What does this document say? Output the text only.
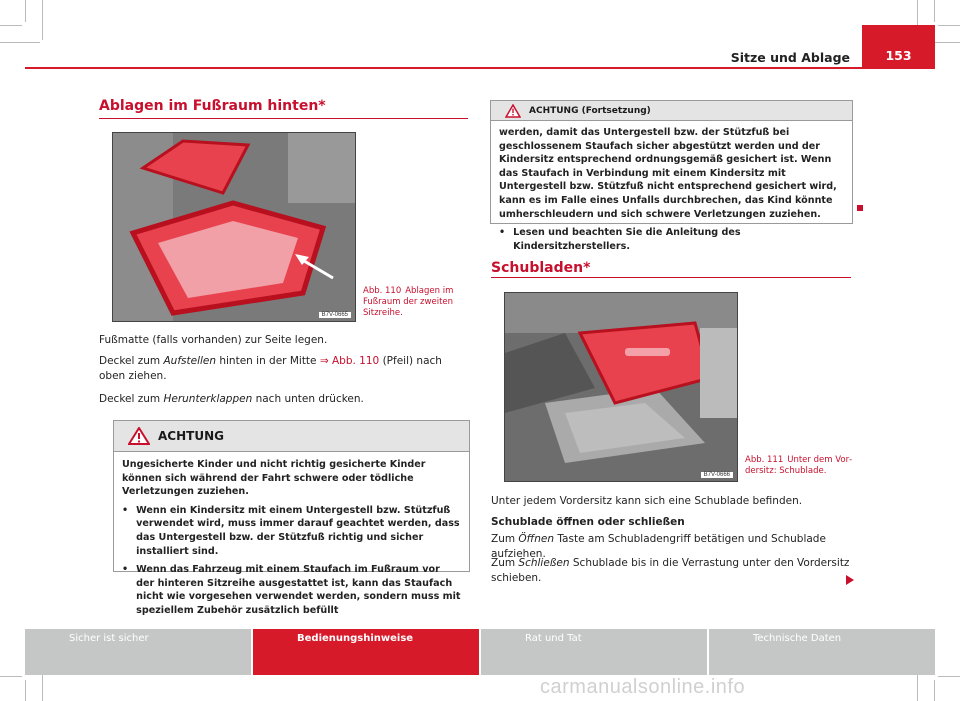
Sitze und Ablage	153
Ablagen im Fußraum hinten*
B7V-0665
Abb. 110 Ablagen im Fußraum der zweiten Sitzreihe.
Fußmatte (falls vorhanden) zur Seite legen.
Deckel zum Aufstellen hinten in der Mitte ⇒ Abb. 110 (Pfeil) nach oben ziehen.
Deckel zum Herunterklappen nach unten drücken.
ACHTUNG

Ungesicherte Kinder und nicht richtig gesicherte Kinder können sich während der Fahrt schwere oder tödliche Verletzungen zuziehen.

• Wenn ein Kindersitz mit einem Untergestell bzw. Stützfuß verwendet wird, muss immer darauf geachtet werden, dass das Untergestell bzw. der Stützfuß richtig und sicher installiert sind.

• Wenn das Fahrzeug mit einem Staufach im Fußraum vor der hinteren Sitzreihe ausgestattet ist, kann das Staufach nicht wie vorgesehen verwendet werden, sondern muss mit speziellem Zubehör zusätzlich befüllt

ACHTUNG (Fortsetzung)

werden, damit das Untergestell bzw. der Stützfuß bei geschlossenem Staufach sicher abgestützt werden und der Kindersitz entsprechend ordnungsgemäß gesichert ist. Wenn das Staufach in Verbindung mit einem Kindersitz mit Untergestell bzw. Stützfuß nicht entsprechend gesichert wird, kann es im Falle eines Unfalls durchbrechen, das Kind könnte umherschleudern und sich schwere Verletzungen zuziehen.

• Lesen und beachten Sie die Anleitung des Kindersitzherstellers.

Schubladen*
B7V-0666
Abb. 111 Unter dem Vordersitz: Schublade.
Unter jedem Vordersitz kann sich eine Schublade befinden.
Schublade öffnen oder schließen
Zum Öffnen Taste am Schubladengriff betätigen und Schublade aufziehen.
Zum Schließen Schublade bis in die Verrastung unter den Vordersitz schieben.
Sicher ist sicher	Bedienungshinweise	Rat und Tat	Technische Daten
carmanualsonline.info
